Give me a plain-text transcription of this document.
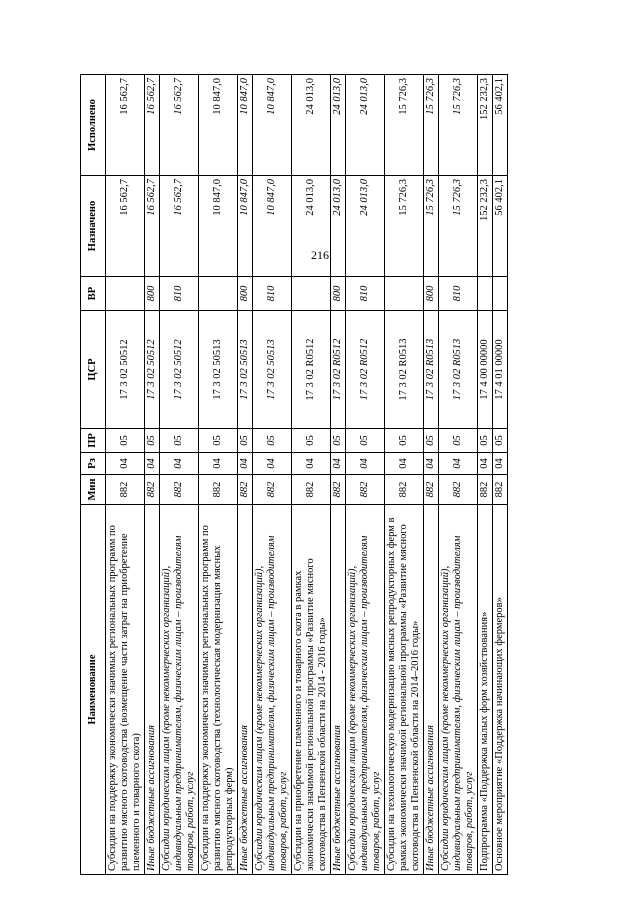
216
Наименование	Мин	Рз	ПР	ЦСР	ВР	Назначено	Исполнено
Субсидии на поддержку экономически значимых региональных программ по развитию мясного скотоводства (возмещение части затрат на приобретение племенного и товарного скота)	882	04	05	17 3 02 50512		16 562,7	16 562,7
Иные бюджетные ассигнования	882	04	05	17 3 02 50512	800	16 562,7	16 562,7
Субсидии юридическим лицам (кроме некоммерческих организаций), индивидуальным предпринимателям, физическим лицам – производителям товаров, работ, услуг	882	04	05	17 3 02 50512	810	16 562,7	16 562,7
Субсидии на поддержку экономически значимых региональных программ по развитию мясного скотоводства (технологическая модернизация мясных репродукторных ферм)	882	04	05	17 3 02 50513		10 847,0	10 847,0
Иные бюджетные ассигнования	882	04	05	17 3 02 50513	800	10 847,0	10 847,0
Субсидии юридическим лицам (кроме некоммерческих организаций), индивидуальным предпринимателям, физическим лицам – производителям товаров, работ, услуг	882	04	05	17 3 02 50513	810	10 847,0	10 847,0
Субсидии на приобретение племенного и товарного скота в рамках экономически значимой региональной программы «Развитие мясного скотоводства в Пензенской области на 2014 - 2016 годы»	882	04	05	17 3 02 R0512		24 013,0	24 013,0
Иные бюджетные ассигнования	882	04	05	17 3 02 R0512	800	24 013,0	24 013,0
Субсидии юридическим лицам (кроме некоммерческих организаций), индивидуальным предпринимателям, физическим лицам – производителям товаров, работ, услуг	882	04	05	17 3 02 R0512	810	24 013,0	24 013,0
Субсидии на технологическую модернизацию мясных репродукторных ферм в рамках экономически значимой региональной программы «Развитие мясного скотоводства в Пензенской области на 2014–2016 годы»	882	04	05	17 3 02 R0513		15 726,3	15 726,3
Иные бюджетные ассигнования	882	04	05	17 3 02 R0513	800	15 726,3	15 726,3
Субсидии юридическим лицам (кроме некоммерческих организаций), индивидуальным предпринимателям, физическим лицам – производителям товаров, работ, услуг	882	04	05	17 3 02 R0513	810	15 726,3	15 726,3
Подпрограмма «Поддержка малых форм хозяйствования»	882	04	05	17 4 00 00000		152 232,3	152 232,3
Основное мероприятие «Поддержка начинающих фермеров»	882	04	05	17 4 01 00000		56 402,1	56 402,1
